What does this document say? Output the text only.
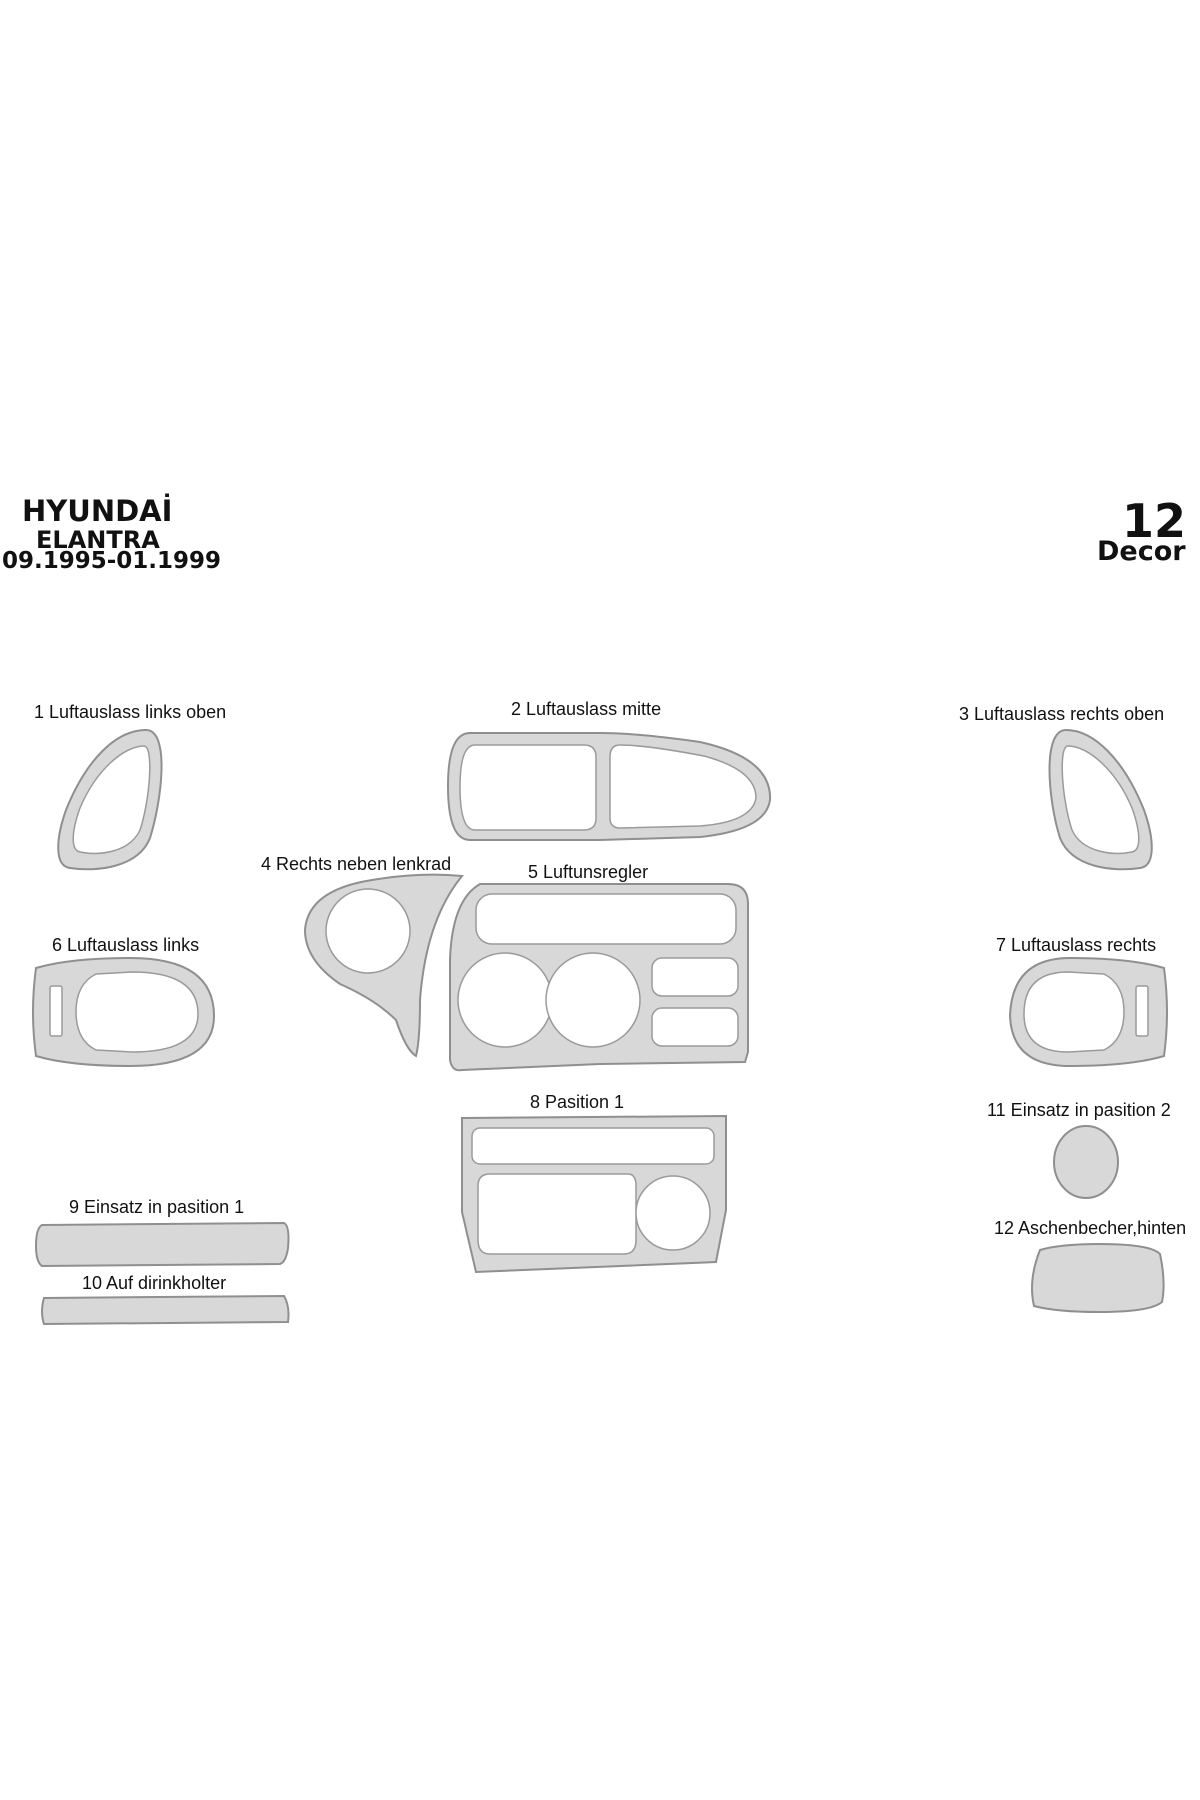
HYUNDAİ
ELANTRA
09.1995-01.1999
12
Decor
1 Luftauslass links oben	2 Luftauslass mitte	3 Luftauslass rechts oben
4 Rechts neben lenkrad	5 Luftunsregler
6 Luftauslass links	7 Luftauslass rechts
8 Pasition 1
9 Einsatz in pasition 1
10 Auf dirinkholter
11 Einsatz in pasition 2
12 Aschenbecher,hinten
